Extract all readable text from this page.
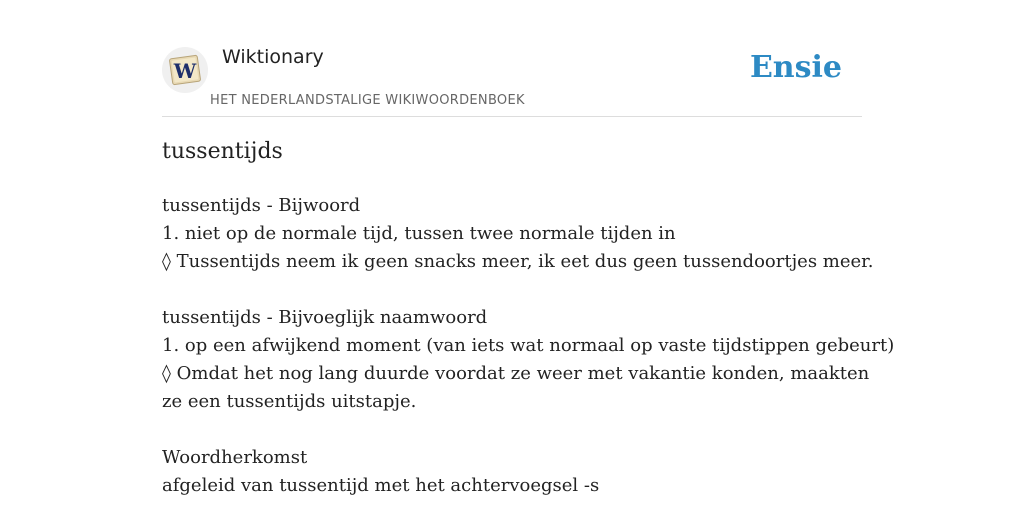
W
Wiktionary
HET NEDERLANDSTALIGE WIKIWOORDENBOEK
Ensie
tussentijds
tussentijds - Bijwoord
1. niet op de normale tijd, tussen twee normale tijden in
◊ Tussentijds neem ik geen snacks meer, ik eet dus geen tussendoortjes meer.
tussentijds - Bijvoeglijk naamwoord
1. op een afwijkend moment (van iets wat normaal op vaste tijdstippen gebeurt)
◊ Omdat het nog lang duurde voordat ze weer met vakantie konden, maakten ze een tussentijds uitstapje.
Woordherkomst
afgeleid van tussentijd met het achtervoegsel -s
